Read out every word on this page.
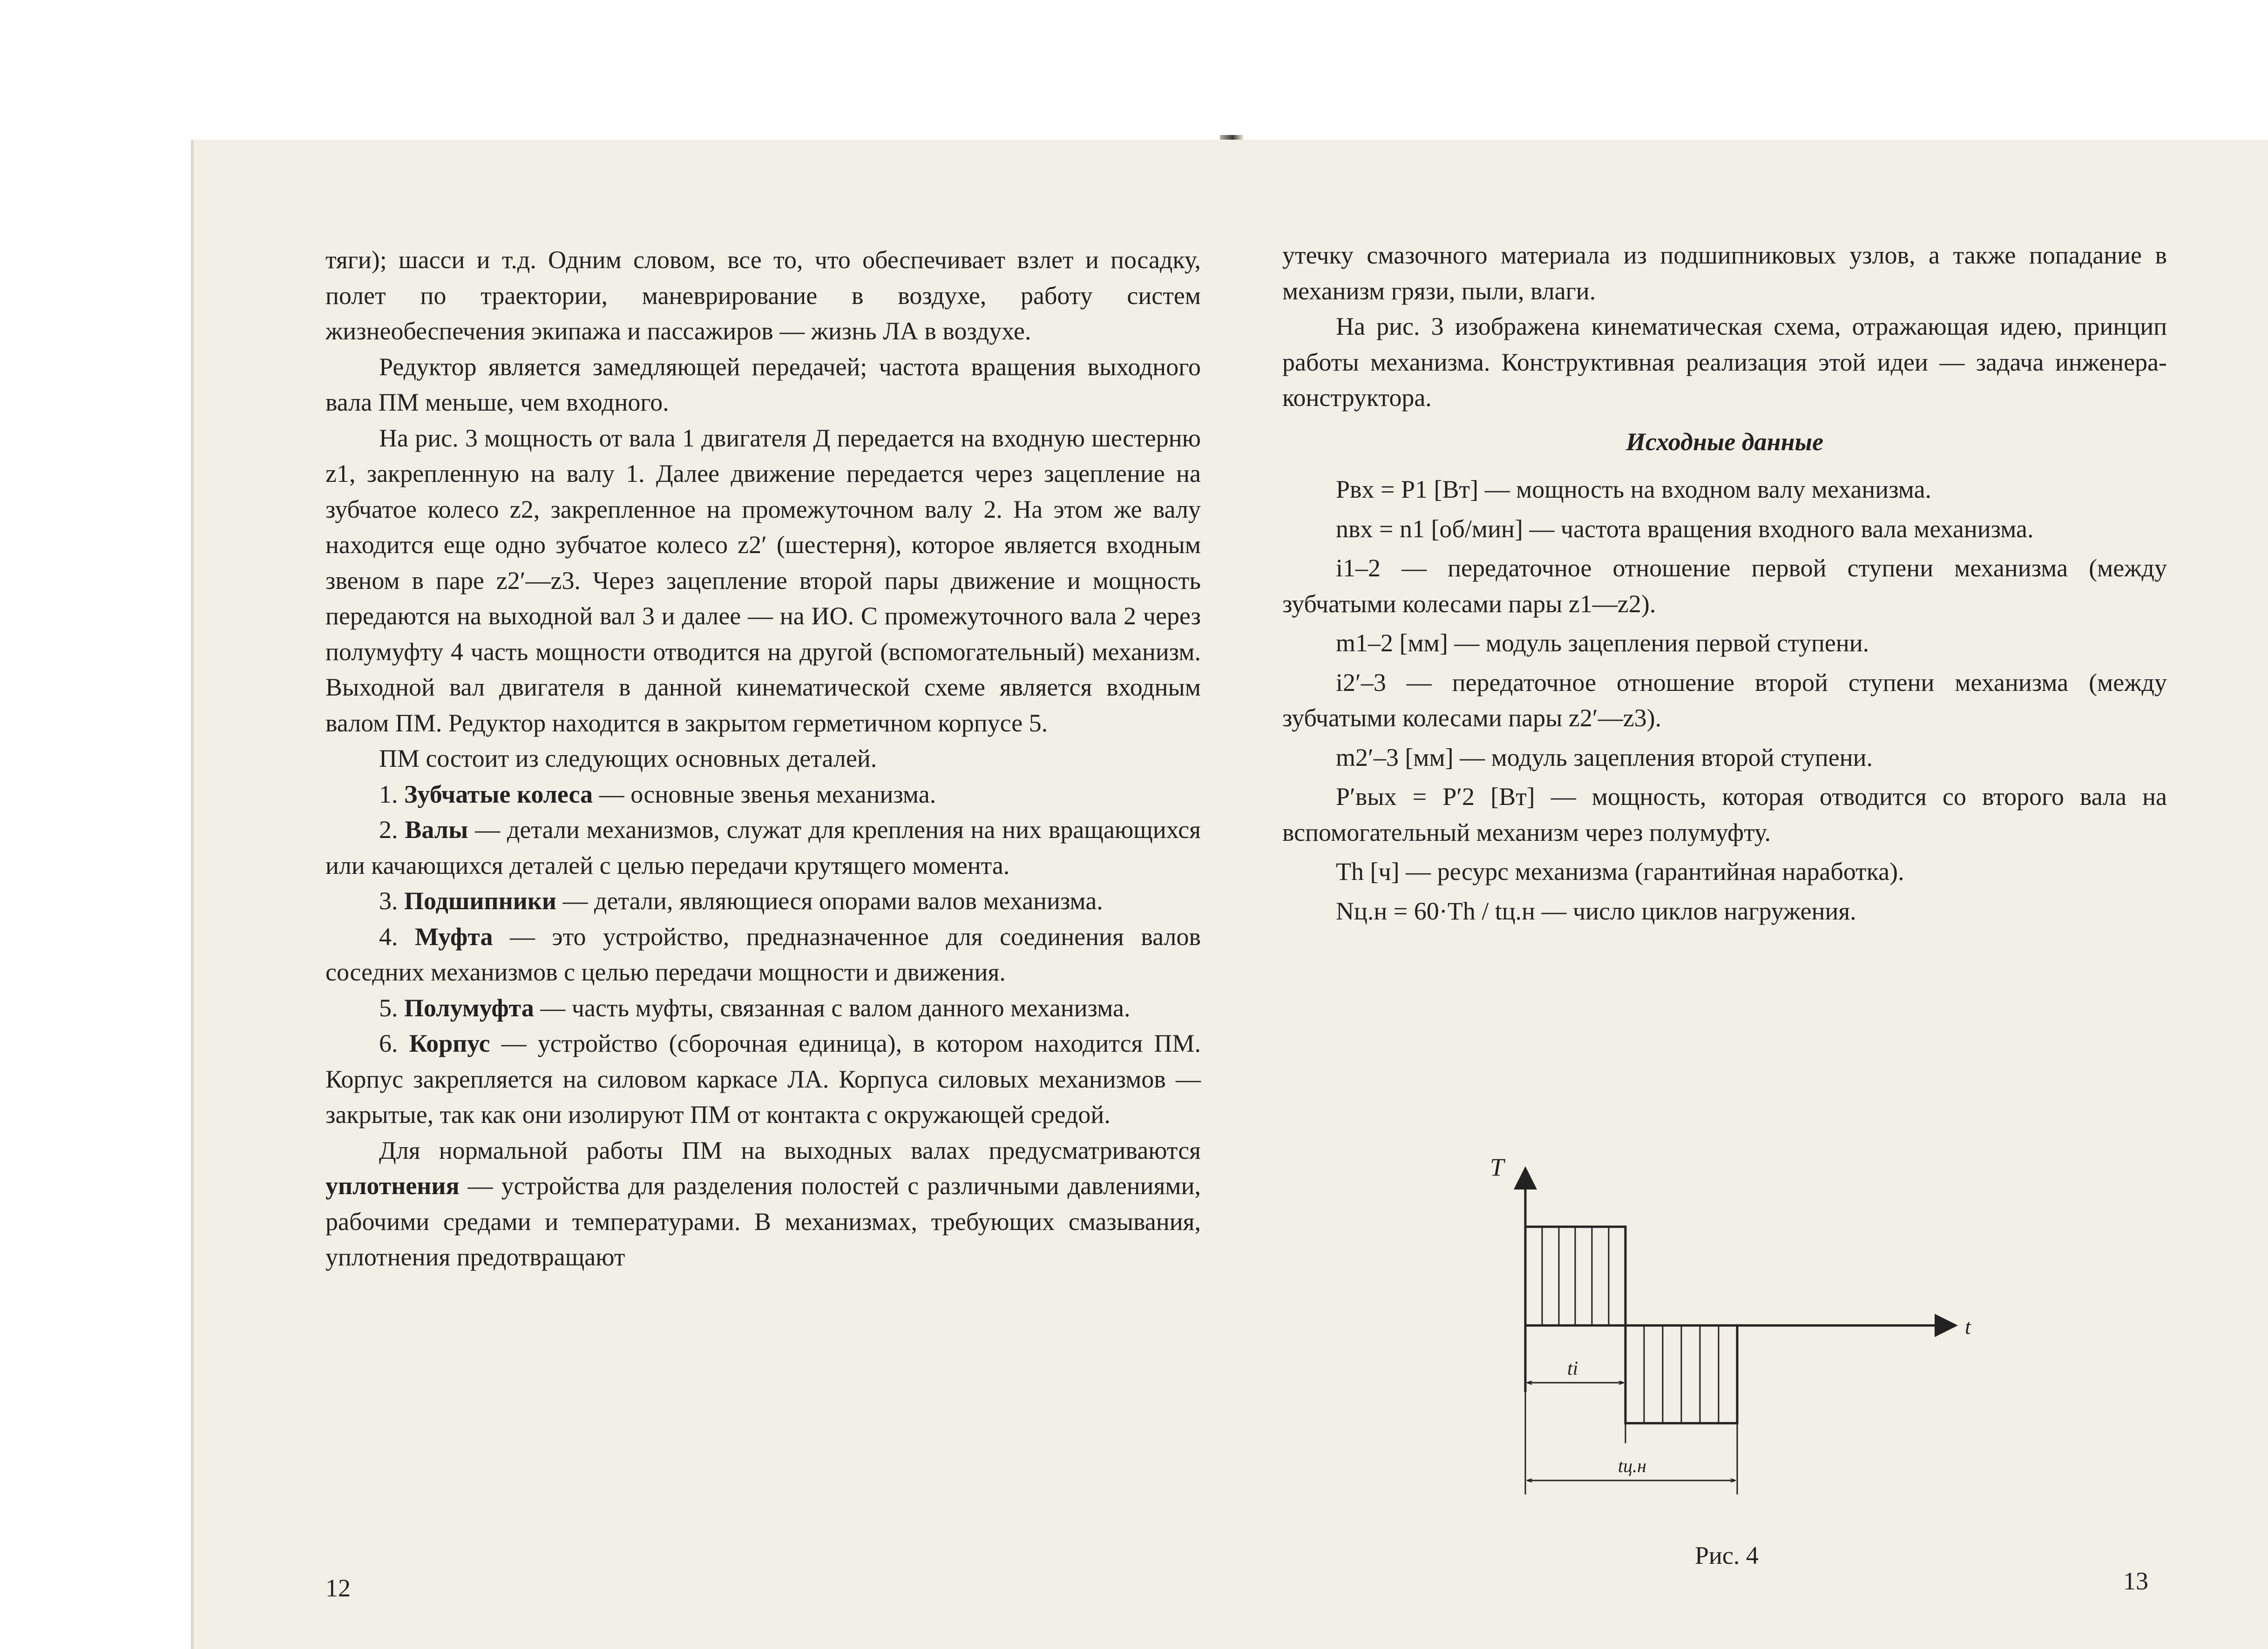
тяги); шасси и т.д. Одним словом, все то, что обеспечивает взлет и посадку, полет по траектории, маневрирование в воздухе, работу систем жизнеобеспечения экипажа и пассажиров — жизнь ЛА в воздухе.

Редуктор является замедляющей передачей; частота вращения выходного вала ПМ меньше, чем входного.

На рис. 3 мощность от вала 1 двигателя Д передается на входную шестерню z1, закрепленную на валу 1. Далее движение передается через зацепление на зубчатое колесо z2, закрепленное на промежуточном валу 2. На этом же валу находится еще одно зубчатое колесо z2′ (шестерня), которое является входным звеном в паре z2′—z3. Через зацепление второй пары движение и мощность передаются на выходной вал 3 и далее — на ИО. С промежуточного вала 2 через полумуфту 4 часть мощности отводится на другой (вспомогательный) механизм. Выходной вал двигателя в данной кинематической схеме является входным валом ПМ. Редуктор находится в закрытом герметичном корпусе 5.

ПМ состоит из следующих основных деталей.

1. Зубчатые колеса — основные звенья механизма.

2. Валы — детали механизмов, служат для крепления на них вращающихся или качающихся деталей с целью передачи крутящего момента.

3. Подшипники — детали, являющиеся опорами валов механизма.

4. Муфта — это устройство, предназначенное для соединения валов соседних механизмов с целью передачи мощности и движения.

5. Полумуфта — часть муфты, связанная с валом данного механизма.

6. Корпус — устройство (сборочная единица), в котором находится ПМ. Корпус закрепляется на силовом каркасе ЛА. Корпуса силовых механизмов — закрытые, так как они изолируют ПМ от контакта с окружающей средой.

Для нормальной работы ПМ на выходных валах предусматриваются уплотнения — устройства для разделения полостей с различными давлениями, рабочими средами и температурами. В механизмах, требующих смазывания, уплотнения предотвращают

12

утечку смазочного материала из подшипниковых узлов, а также попадание в механизм грязи, пыли, влаги.

На рис. 3 изображена кинематическая схема, отражающая идею, принцип работы механизма. Конструктивная реализация этой идеи — задача инженера-конструктора.

Исходные данные

Pвх = P1 [Вт] — мощность на входном валу механизма.

nвх = n1 [об/мин] — частота вращения входного вала механизма.

i1–2 — передаточное отношение первой ступени механизма (между зубчатыми колесами пары z1—z2).

m1–2 [мм] — модуль зацепления первой ступени.

i2′–3 — передаточное отношение второй ступени механизма (между зубчатыми колесами пары z2′—z3).

m2′–3 [мм] — модуль зацепления второй ступени.

P′вых = P′2 [Вт] — мощность, которая отводится со второго вала на вспомогательный механизм через полумуфту.

Th [ч] — ресурс механизма (гарантийная наработка).

Nц.н = 60·Th / tц.н — число циклов нагружения.

T
t
ti
tц.н
Рис. 4
13
